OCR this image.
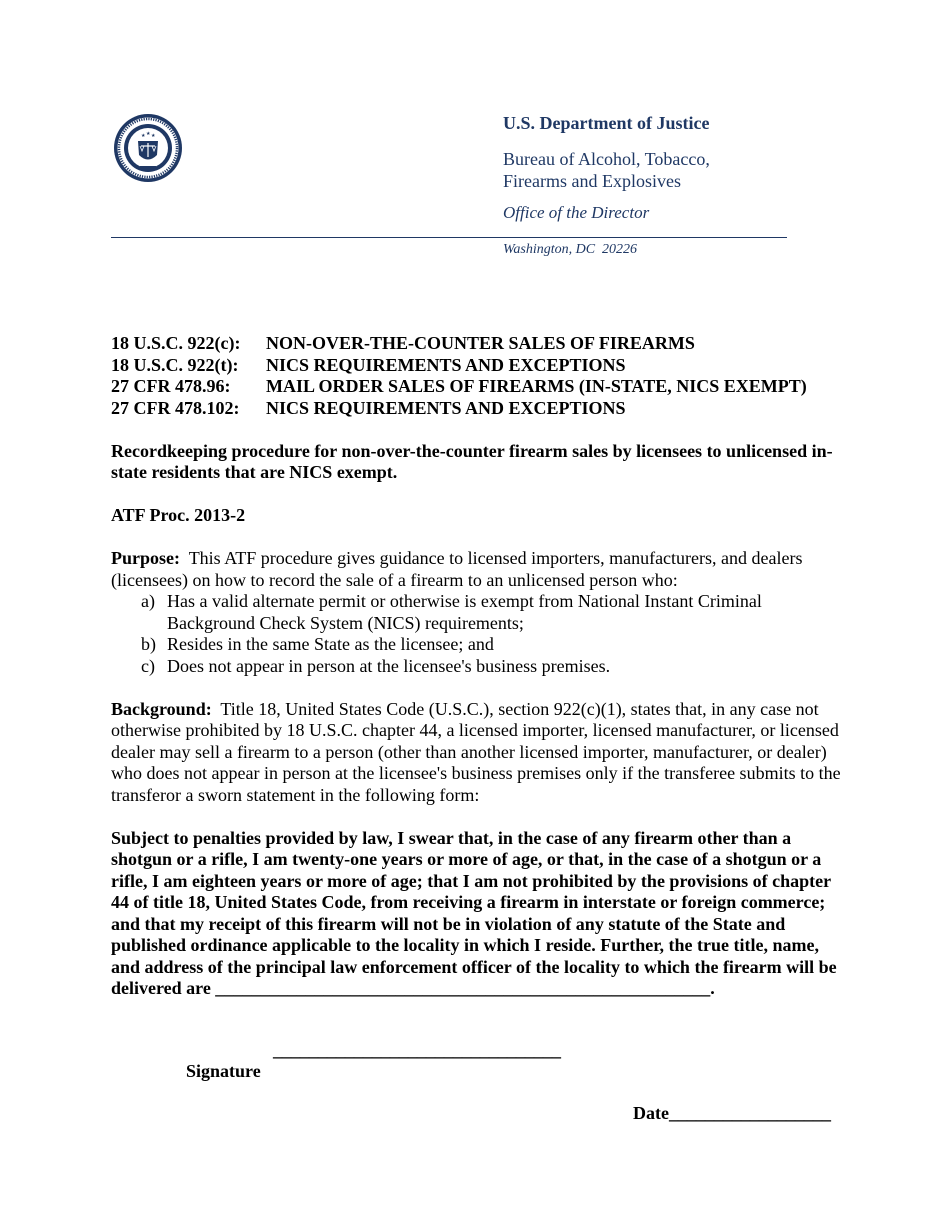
★ ★ ★
U.S. Department of Justice
Bureau of Alcohol, Tobacco,
Firearms and Explosives
Office of the Director
Washington, DC  20226
18 U.S.C. 922(c):	NON-OVER-THE-COUNTER SALES OF FIREARMS
18 U.S.C. 922(t):	NICS REQUIREMENTS AND EXCEPTIONS
27 CFR 478.96:	MAIL ORDER SALES OF FIREARMS (IN-STATE, NICS EXEMPT)
27 CFR 478.102:	NICS REQUIREMENTS AND EXCEPTIONS
Recordkeeping procedure for non-over-the-counter firearm sales by licensees to unlicensed in-state residents that are NICS exempt.
ATF Proc. 2013-2
Purpose: This ATF procedure gives guidance to licensed importers, manufacturers, and dealers (licensees) on how to record the sale of a firearm to an unlicensed person who:
a) Has a valid alternate permit or otherwise is exempt from National Instant Criminal Background Check System (NICS) requirements;
b) Resides in the same State as the licensee; and
c) Does not appear in person at the licensee's business premises.
Background: Title 18, United States Code (U.S.C.), section 922(c)(1), states that, in any case not otherwise prohibited by 18 U.S.C. chapter 44, a licensed importer, licensed manufacturer, or licensed dealer may sell a firearm to a person (other than another licensed importer, manufacturer, or dealer) who does not appear in person at the licensee's business premises only if the transferee submits to the transferor a sworn statement in the following form:
Subject to penalties provided by law, I swear that, in the case of any firearm other than a shotgun or a rifle, I am twenty-one years or more of age, or that, in the case of a shotgun or a rifle, I am eighteen years or more of age; that I am not prohibited by the provisions of chapter 44 of title 18, United States Code, from receiving a firearm in interstate or foreign commerce; and that my receipt of this firearm will not be in violation of any statute of the State and published ordinance applicable to the locality in which I reside. Further, the true title, name, and address of the principal law enforcement officer of the locality to which the firearm will be delivered are _______________________________________________________.

Signature

________________________________

Date__________________
